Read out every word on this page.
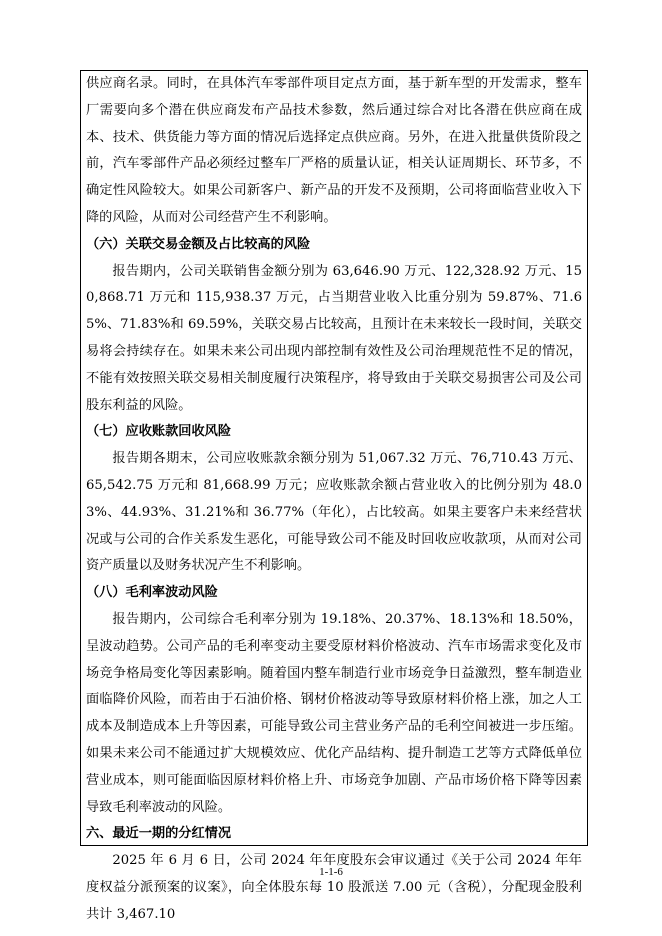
供应商名录。同时，在具体汽车零部件项目定点方面，基于新车型的开发需求，整车厂需要向多个潜在供应商发布产品技术参数，然后通过综合对比各潜在供应商在成本、技术、供货能力等方面的情况后选择定点供应商。另外，在进入批量供货阶段之前，汽车零部件产品必须经过整车厂严格的质量认证，相关认证周期长、环节多，不确定性风险较大。如果公司新客户、新产品的开发不及预期，公司将面临营业收入下降的风险，从而对公司经营产生不利影响。

（六）关联交易金额及占比较高的风险

报告期内，公司关联销售金额分别为 63,646.90 万元、122,328.92 万元、150,868.71 万元和 115,938.37 万元，占当期营业收入比重分别为 59.87%、71.65%、71.83%和 69.59%，关联交易占比较高，且预计在未来较长一段时间，关联交易将会持续存在。如果未来公司出现内部控制有效性及公司治理规范性不足的情况，不能有效按照关联交易相关制度履行决策程序，将导致由于关联交易损害公司及公司股东利益的风险。

（七）应收账款回收风险

报告期各期末，公司应收账款余额分别为 51,067.32 万元、76,710.43 万元、65,542.75 万元和 81,668.99 万元；应收账款余额占营业收入的比例分别为 48.03%、44.93%、31.21%和 36.77%（年化），占比较高。如果主要客户未来经营状况或与公司的合作关系发生恶化，可能导致公司不能及时回收应收款项，从而对公司资产质量以及财务状况产生不利影响。

（八）毛利率波动风险

报告期内，公司综合毛利率分别为 19.18%、20.37%、18.13%和 18.50%，呈波动趋势。公司产品的毛利率变动主要受原材料价格波动、汽车市场需求变化及市场竞争格局变化等因素影响。随着国内整车制造行业市场竞争日益激烈，整车制造业面临降价风险，而若由于石油价格、钢材价格波动等导致原材料价格上涨，加之人工成本及制造成本上升等因素，可能导致公司主营业务产品的毛利空间被进一步压缩。如果未来公司不能通过扩大规模效应、优化产品结构、提升制造工艺等方式降低单位营业成本，则可能面临因原材料价格上升、市场竞争加剧、产品市场价格下降等因素导致毛利率波动的风险。

六、最近一期的分红情况

2025 年 6 月 6 日，公司 2024 年年度股东会审议通过《关于公司 2024 年年度权益分派预案的议案》，向全体股东每 10 股派送 7.00 元（含税），分配现金股利共计 3,467.10

1-1-6
